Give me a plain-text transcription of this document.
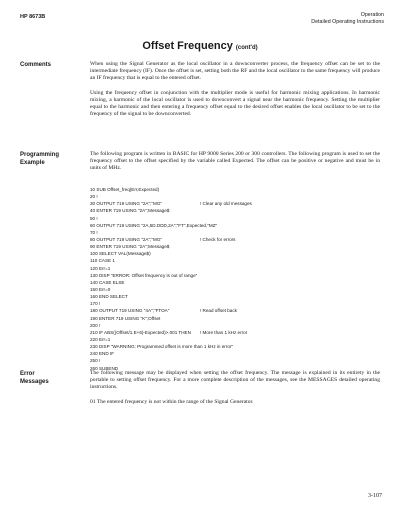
HP 8673B	Operation
Detailed Operating Instructions
Offset Frequency (cont'd)
Comments	When using the Signal Generator as the local oscillator in a downconverter process, the frequency offset can be set to the intermediate frequency (IF). Once the offset is set, setting both the RF and the local oscillator to the same frequency will produce an IF frequency that is equal to the entered offset.

Using the frequency offset in conjunction with the multiplier mode is useful for harmonic mixing applications. In harmonic mixing, a harmonic of the local oscillator is used to downconvert a signal near the harmonic frequency. Setting the multiplier equal to the harmonic and then entering a frequency offset equal to the desired offset enables the local oscillator to be set to the frequency of the signal to be downconverted.

Programming
Example
The following program is written in BASIC for HP 9000 Series 200 or 300 controllers. The following program is used to set the frequency offset to the offset specified by the variable called Expected. The offset can be positive or negative and must be in units of MHz.
10 SUB Offset_freq(Err,Expected)
20 !
30 OUTPUT 719 USING "2A";"MG"	! Clear any old messages
40 ENTER 719 USING "2A";Message$
50 !
60 OUTPUT 719 USING "2A,5D.DDD,2A";"FT",Expected,"MZ"
70 !
80 OUTPUT 719 USING "2A";"MG"	! Check for errors
90 ENTER 719 USING "2A";Message$
100 SELECT VAL(Message$)
110 CASE 1
120 Err=1
130 DISP "ERROR: Offset frequency is out of range"
140 CASE ELSE
150 Err=0
160 END SELECT
170 !
180 OUTPUT 719 USING "4A";"FTOA"	! Read offset back
190 ENTER 719 USING "K";Offset
200 !
210 IF ABS((Offset/1.E+6)-Expected)>.001 THEN ! More than 1 kHz error
220 Err=1
230 DISP "WARNING: Programmed offset is more than 1 kHz in error"
240 END IF
250 !
260 SUBEND
Error
Messages

The following message may be displayed when setting the offset frequency. The message is explained in its entirety in the portable to setting offset frequency. For a more complete description of the messages, see the MESSAGES detailed operating instructions.

01 The entered frequency is not within the range of the Signal Generator.

3-107
